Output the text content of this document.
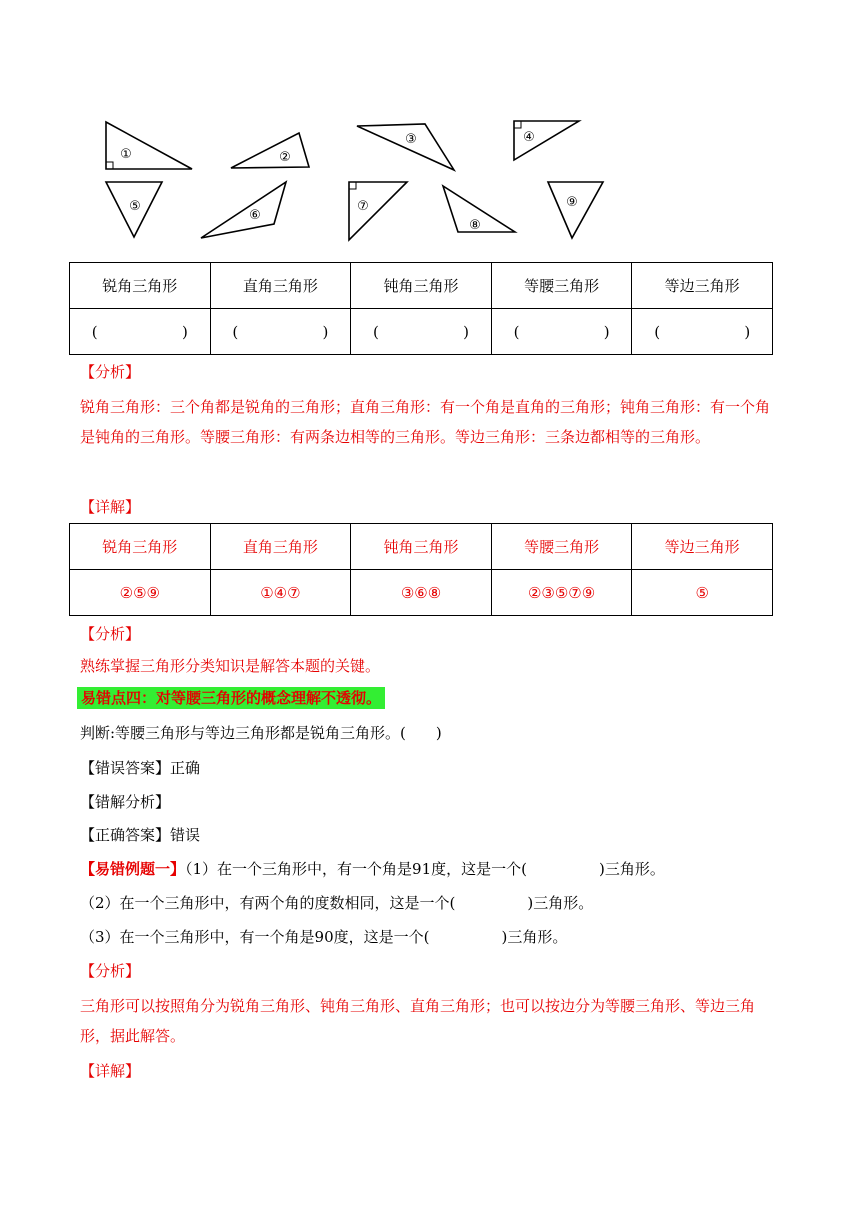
①	②
③	④
⑤
⑥
⑦
⑧
⑨
锐角三角形	直角三角形	钝角三角形	等腰三角形	等边三角形
( )	( )	( )	( )	( )
【分析】
锐角三角形：三个角都是锐角的三角形；直角三角形：有一个角是直角的三角形；钝角三角形：有一个角是钝角的三角形。等腰三角形：有两条边相等的三角形。等边三角形：三条边都相等的三角形。
【详解】
锐角三角形	直角三角形	钝角三角形	等腰三角形	等边三角形
②⑤⑨	①④⑦	③⑥⑧	②③⑤⑦⑨	⑤
【分析】
熟练掌握三角形分类知识是解答本题的关键。
易错点四：对等腰三角形的概念理解不透彻。
判断:等腰三角形与等边三角形都是锐角三角形。(　　)
【错误答案】正确
【错解分析】
【正确答案】错误
【易错例题一】（1）在一个三角形中，有一个角是91度，这是一个(	)三角形。
（2）在一个三角形中，有两个角的度数相同，这是一个(	)三角形。
（3）在一个三角形中，有一个角是90度，这是一个(	)三角形。
【分析】
三角形可以按照角分为锐角三角形、钝角三角形、直角三角形；也可以按边分为等腰三角形、等边三角形，据此解答。
【详解】
